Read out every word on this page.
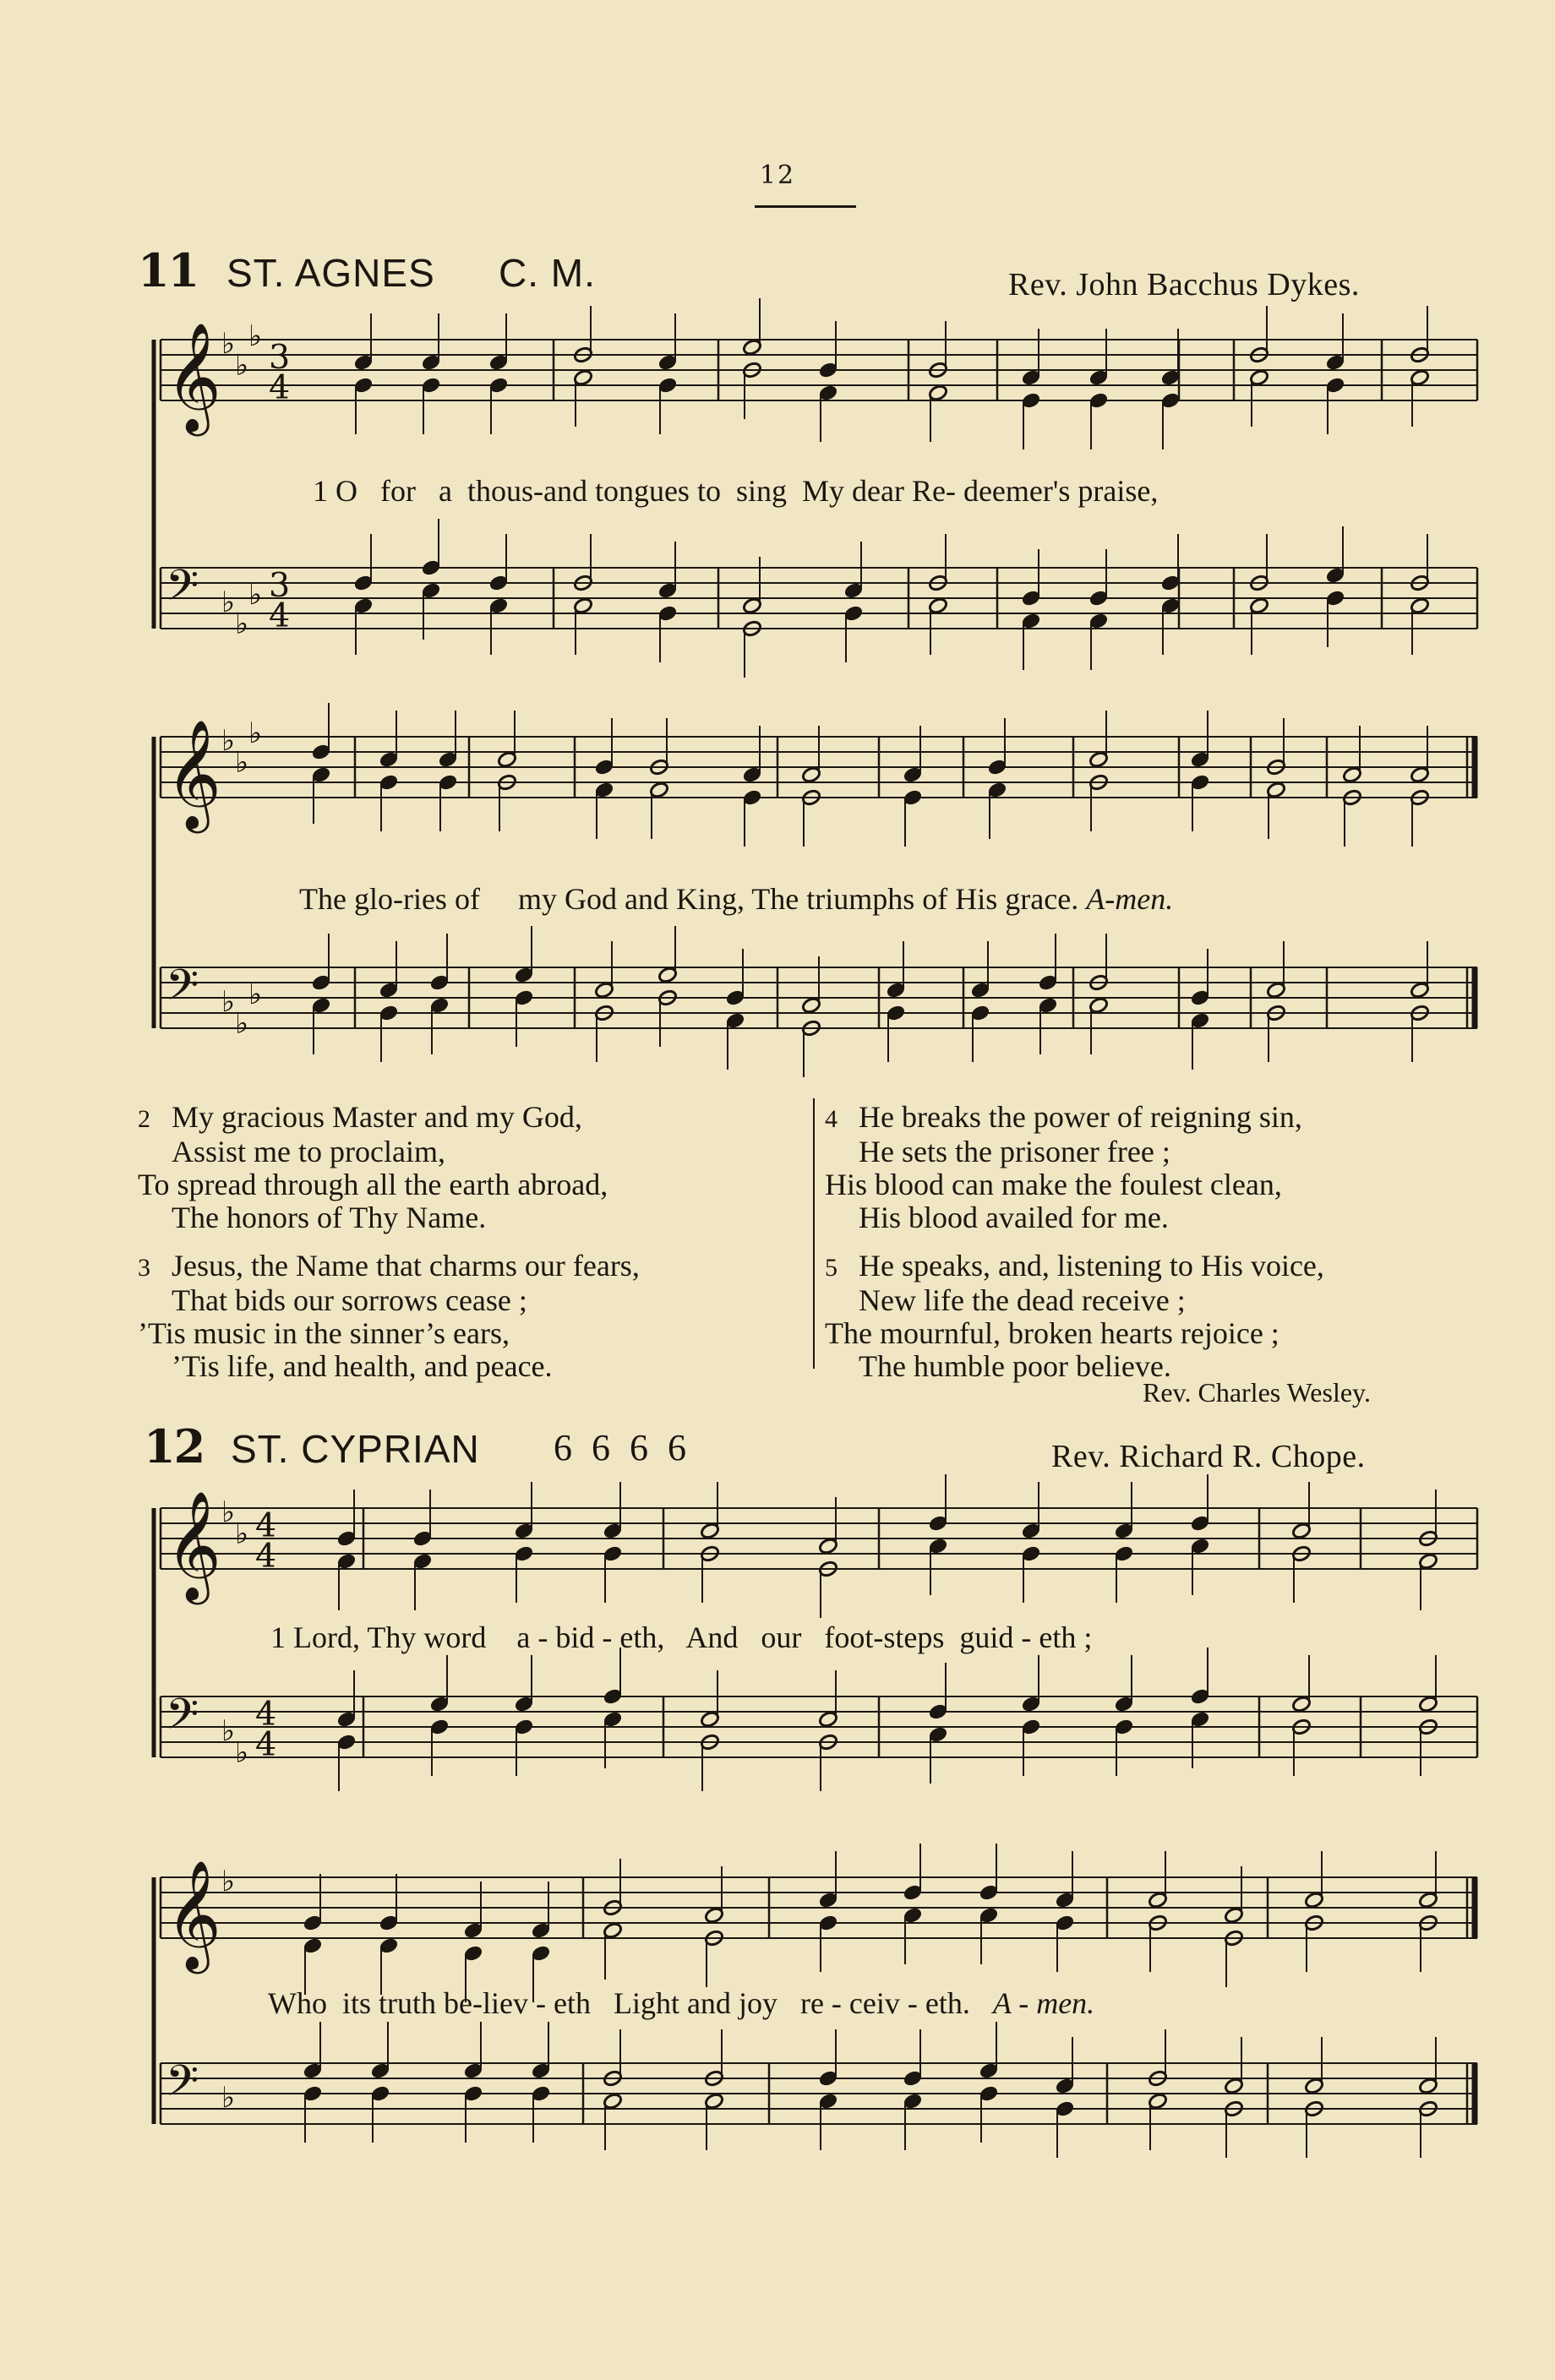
12
11 ST. AGNES C. M.	Rev. John Bacchus Dykes.
𝄞
𝄢
♭
♭
♭
♭
♭
♭
3
4
3
4
𝄞
𝄢
♭
♭
♭
♭
♭
♭
𝄞
𝄢
♭
♭
♭
♭
4
4
4
4
𝄞
𝄢
♭
♭
1 O for a thous-and tongues to sing My dear Re- deemer's praise,
The glo-ries of my God and King, The triumphs of His grace. A-men.
2 My gracious Master and my God,
Assist me to proclaim,
To spread through all the earth abroad,
The honors of Thy Name.
3 Jesus, the Name that charms our fears,
That bids our sorrows cease ;
’Tis music in the sinner’s ears,
’Tis life, and health, and peace.
4 He breaks the power of reigning sin,
He sets the prisoner free ;
His blood can make the foulest clean,
His blood availed for me.
5 He speaks, and, listening to His voice,
New life the dead receive ;
The mournful, broken hearts rejoice ;
The humble poor believe.
Rev. Charles Wesley.
12 ST. CYPRIAN 6 6 6 6	Rev. Richard R. Chope.
1 Lord, Thy word a - bid - eth, And our foot-steps guid - eth ;
Who its truth be-liev - eth Light and joy re - ceiv - eth. A - men.
